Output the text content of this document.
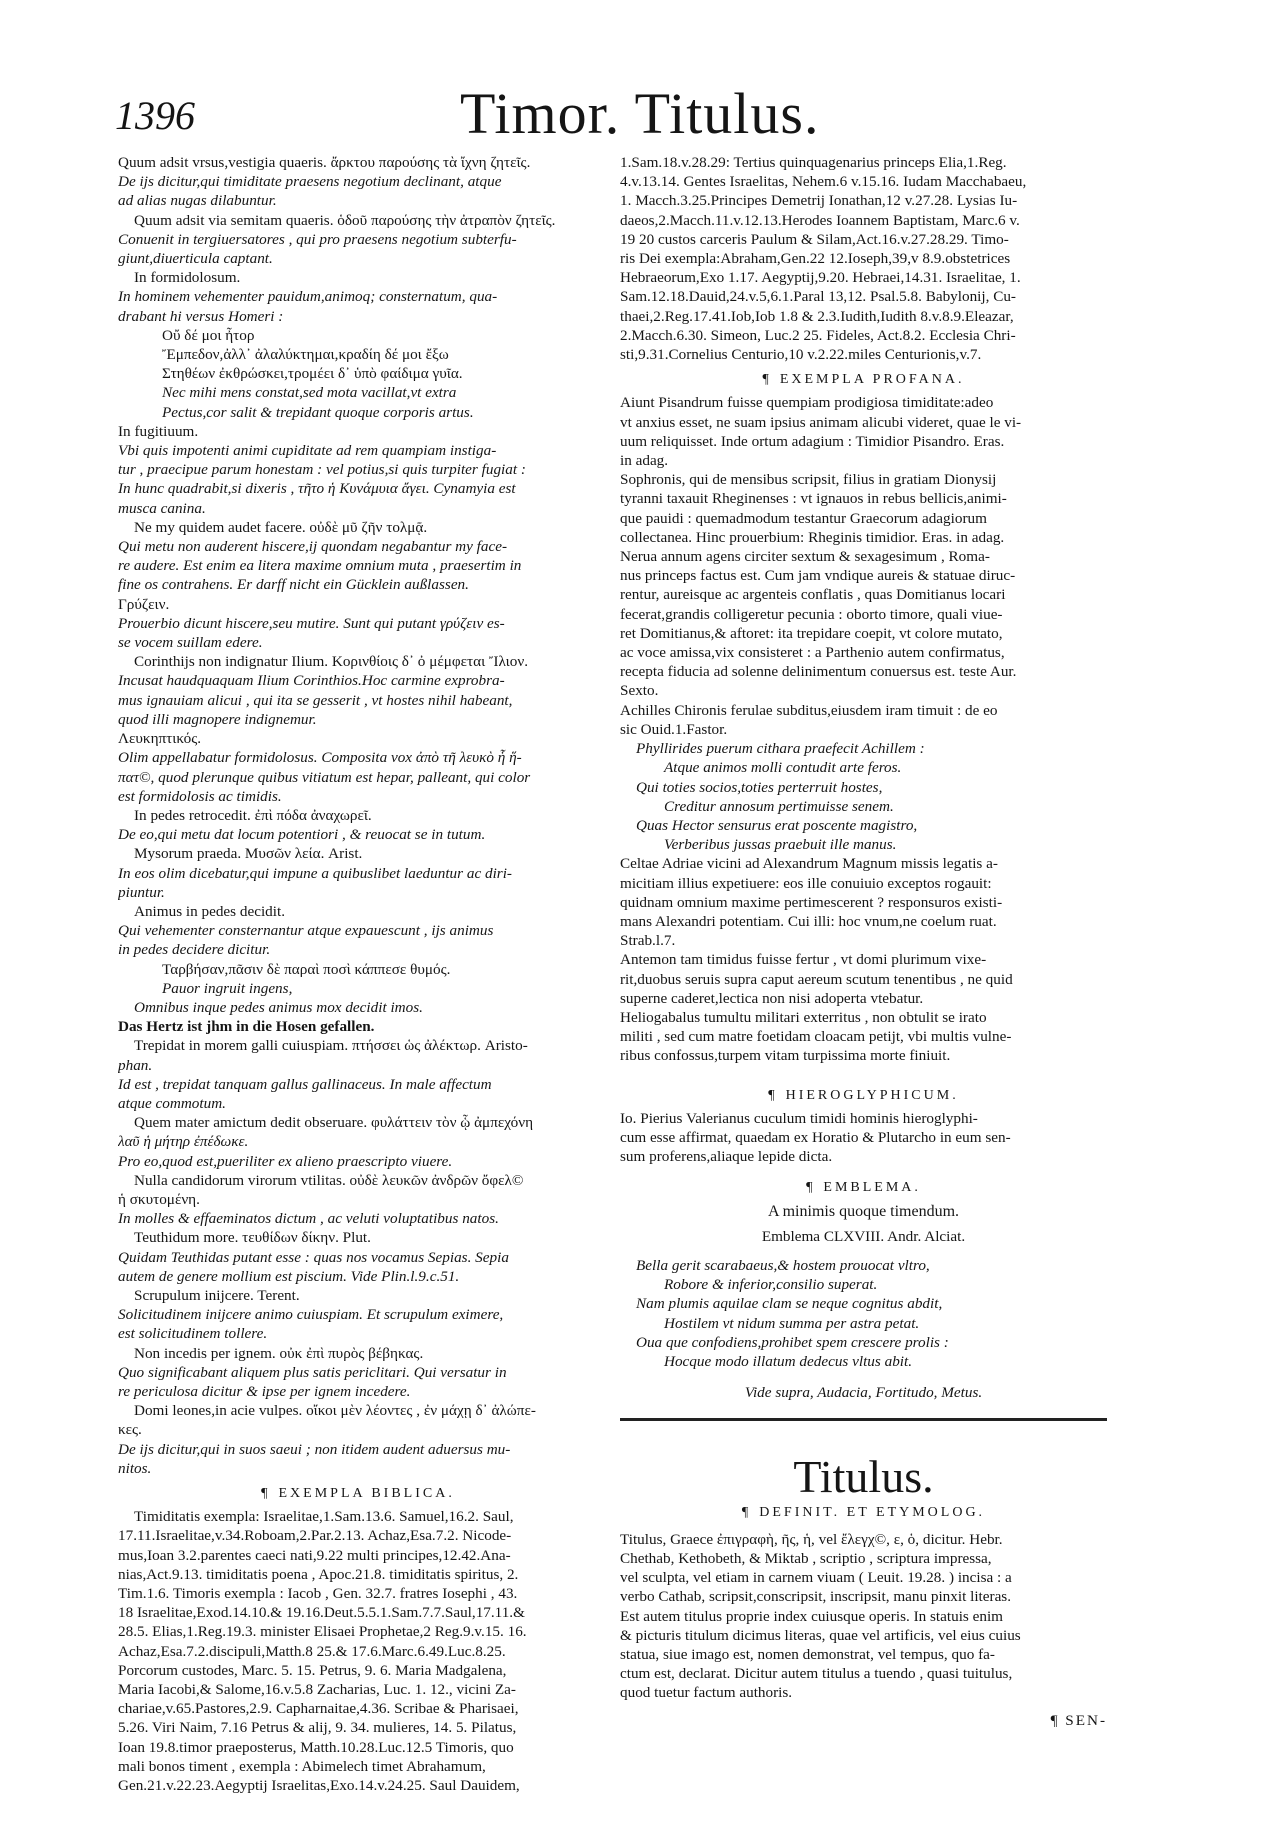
1396	Timor. Titulus.
Quum adsit vrsus,vestigia quaeris. ἄρκτου παρούσης τὰ ἴχνη ζητεῖς.
De ijs dicitur,qui timiditate praesens negotium declinant, atque
ad alias nugas dilabuntur.
Quum adsit via semitam quaeris. ὁδοῦ παρούσης τὴν ἀτραπὸν ζητεῖς.
Conuenit in tergiuersatores , qui pro praesens negotium subterfu-
giunt,diuerticula captant.
In formidolosum.
In hominem vehementer pauidum,animoq; consternatum, qua-
drabant hi versus Homeri :
Οὔ δέ μοι ἦτορ
Ἔμπεδον,ἀλλ᾽ ἀλαλύκτημαι,κραδίη δέ μοι ἔξω
Στηθέων ἐκθρώσκει,τρομέει δ᾽ ὑπὸ φαίδιμα γυῖα.
Nec mihi mens constat,sed mota vacillat,vt extra
Pectus,cor salit & trepidant quoque corporis artus.
In fugitiuum.
Vbi quis impotenti animi cupiditate ad rem quampiam instiga-
tur , praecipue parum honestam : vel potius,si quis turpiter fugiat :
In hunc quadrabit,si dixeris , τῆτο ἡ Κυνάμυια ἄγει. Cynamyia est
musca canina.
Ne my quidem audet facere. οὐδὲ μῦ ζῆν τολμᾷ.
Qui metu non auderent hiscere,ij quondam negabantur my face-
re audere. Est enim ea litera maxime omnium muta , praesertim in
fine os contrahens. Er darff nicht ein Gücklein außlassen.
Γρύζειν.
Prouerbio dicunt hiscere,seu mutire. Sunt qui putant γρύζειν es-
se vocem suillam edere.
Corinthijs non indignatur Ilium. Κορινθίοις δ᾽ ὀ μέμφεται Ἴλιον.
Incusat haudquaquam Ilium Corinthios.Hoc carmine exprobra-
mus ignauiam alicui , qui ita se gesserit , vt hostes nihil habeant,
quod illi magnopere indignemur.
Λευκηπτικός.
Olim appellabatur formidolosus. Composita vox ἀπὸ τῆ λευκὸ ἧ ἥ-
πατ©, quod plerunque quibus vitiatum est hepar, palleant, qui color
est formidolosis ac timidis.
In pedes retrocedit. ἐπὶ πόδα ἀναχωρεῖ.
De eo,qui metu dat locum potentiori , & reuocat se in tutum.
Mysorum praeda. Μυσῶν λεία. Arist.
In eos olim dicebatur,qui impune a quibuslibet laeduntur ac diri-
piuntur.
Animus in pedes decidit.
Qui vehementer consternantur atque expauescunt , ijs animus
in pedes decidere dicitur.
Ταρβήσαν,πᾶσιν δὲ παραὶ ποσὶ κάππεσε θυμός.
Pauor ingruit ingens,
Omnibus inque pedes animus mox decidit imos.
Das Hertz ist jhm in die Hosen gefallen.
Trepidat in morem galli cuiuspiam. πτήσσει ὡς ἀλέκτωρ. Aristo-
phan.
Id est , trepidat tanquam gallus gallinaceus. In male affectum
atque commotum.
Quem mater amictum dedit obseruare. φυλάττειν τὸν ᾧ ἀμπεχόνη
λαῦ ἡ μήτηρ ἐπέδωκε.
Pro eo,quod est,pueriliter ex alieno praescripto viuere.
Nulla candidorum virorum vtilitas. οὐδὲ λευκῶν ἀνδρῶν ὄφελ©
ἡ σκυτομένη.
In molles & effaeminatos dictum , ac veluti voluptatibus natos.
Teuthidum more. τευθίδων δίκην. Plut.
Quidam Teuthidas putant esse : quas nos vocamus Sepias. Sepia
autem de genere mollium est piscium. Vide Plin.l.9.c.51.
Scrupulum inijcere. Terent.
Solicitudinem inijcere animo cuiuspiam. Et scrupulum eximere,
est solicitudinem tollere.
Non incedis per ignem. οὐκ ἐπὶ πυρὸς βέβηκας.
Quo significabant aliquem plus satis periclitari. Qui versatur in
re periculosa dicitur & ipse per ignem incedere.
Domi leones,in acie vulpes. οἴκοι μὲν λέοντες , ἐν μάχῃ δ᾽ ἀλώπε-
κες.
De ijs dicitur,qui in suos saeui ; non itidem audent aduersus mu-
nitos.
¶ EXEMPLA BIBLICA.
Timiditatis exempla: Israelitae,1.Sam.13.6. Samuel,16.2. Saul,
17.11.Israelitae,v.34.Roboam,2.Par.2.13. Achaz,Esa.7.2. Nicode-
mus,Ioan 3.2.parentes caeci nati,9.22 multi principes,12.42.Ana-
nias,Act.9.13. timiditatis poena , Apoc.21.8. timiditatis spiritus, 2.
Tim.1.6. Timoris exempla : Iacob , Gen. 32.7. fratres Iosephi , 43.
18 Israelitae,Exod.14.10.& 19.16.Deut.5.5.1.Sam.7.7.Saul,17.11.&
28.5. Elias,1.Reg.19.3. minister Elisaei Prophetae,2 Reg.9.v.15. 16.
Achaz,Esa.7.2.discipuli,Matth.8 25.& 17.6.Marc.6.49.Luc.8.25.
Porcorum custodes, Marc. 5. 15. Petrus, 9. 6. Maria Madgalena,
Maria Iacobi,& Salome,16.v.5.8 Zacharias, Luc. 1. 12., vicini Za-
chariae,v.65.Pastores,2.9. Capharnaitae,4.36. Scribae & Pharisaei,
5.26. Viri Naim, 7.16 Petrus & alij, 9. 34. mulieres, 14. 5. Pilatus,
Ioan 19.8.timor praeposterus, Matth.10.28.Luc.12.5 Timoris, quo
mali bonos timent , exempla : Abimelech timet Abrahamum,
Gen.21.v.22.23.Aegyptij Israelitas,Exo.14.v.24.25. Saul Dauidem,
1.Sam.18.v.28.29: Tertius quinquagenarius princeps Elia,1.Reg.
4.v.13.14. Gentes Israelitas, Nehem.6 v.15.16. Iudam Macchabaeu,
1. Macch.3.25.Principes Demetrij Ionathan,12 v.27.28. Lysias Iu-
daeos,2.Macch.11.v.12.13.Herodes Ioannem Baptistam, Marc.6 v.
19 20 custos carceris Paulum & Silam,Act.16.v.27.28.29. Timo-
ris Dei exempla:Abraham,Gen.22 12.Ioseph,39,v 8.9.obstetrices
Hebraeorum,Exo 1.17. Aegyptij,9.20. Hebraei,14.31. Israelitae, 1.
Sam.12.18.Dauid,24.v.5,6.1.Paral 13,12. Psal.5.8. Babylonij, Cu-
thaei,2.Reg.17.41.Iob,Iob 1.8 & 2.3.Iudith,Iudith 8.v.8.9.Eleazar,
2.Macch.6.30. Simeon, Luc.2 25. Fideles, Act.8.2. Ecclesia Chri-
sti,9.31.Cornelius Centurio,10 v.2.22.miles Centurionis,v.7.
¶ EXEMPLA PROFANA.
Aiunt Pisandrum fuisse quempiam prodigiosa timiditate:adeo
vt anxius esset, ne suam ipsius animam alicubi videret, quae le vi-
uum reliquisset. Inde ortum adagium : Timidior Pisandro. Eras.
in adag.
Sophronis, qui de mensibus scripsit, filius in gratiam Dionysij
tyranni taxauit Rheginenses : vt ignauos in rebus bellicis,animi-
que pauidi : quemadmodum testantur Graecorum adagiorum
collectanea. Hinc prouerbium: Rheginis timidior. Eras. in adag.
Nerua annum agens circiter sextum & sexagesimum , Roma-
nus princeps factus est. Cum jam vndique aureis & statuae diruc-
rentur, aureisque ac argenteis conflatis , quas Domitianus locari
fecerat,grandis colligeretur pecunia : oborto timore, quali viue-
ret Domitianus,& aftoret: ita trepidare coepit, vt colore mutato,
ac voce amissa,vix consisteret : a Parthenio autem confirmatus,
recepta fiducia ad solenne delinimentum conuersus est. teste Aur.
Sexto.
Achilles Chironis ferulae subditus,eiusdem iram timuit : de eo
sic Ouid.1.Fastor.
Phyllirides puerum cithara praefecit Achillem :
Atque animos molli contudit arte feros.
Qui toties socios,toties perterruit hostes,
Creditur annosum pertimuisse senem.
Quas Hector sensurus erat poscente magistro,
Verberibus jussas praebuit ille manus.
Celtae Adriae vicini ad Alexandrum Magnum missis legatis a-
micitiam illius expetiuere: eos ille conuiuio exceptos rogauit:
quidnam omnium maxime pertimescerent ? responsuros existi-
mans Alexandri potentiam. Cui illi: hoc vnum,ne coelum ruat.
Strab.l.7.
Antemon tam timidus fuisse fertur , vt domi plurimum vixe-
rit,duobus seruis supra caput aereum scutum tenentibus , ne quid
superne caderet,lectica non nisi adoperta vtebatur.
Heliogabalus tumultu militari exterritus , non obtulit se irato
militi , sed cum matre foetidam cloacam petijt, vbi multis vulne-
ribus confossus,turpem vitam turpissima morte finiuit.
¶ HIEROGLYPHICUM.
Io. Pierius Valerianus cuculum timidi hominis hieroglyphi-
cum esse affirmat, quaedam ex Horatio & Plutarcho in eum sen-
sum proferens,aliaque lepide dicta.
¶ EMBLEMA.
A minimis quoque timendum.
Emblema CLXVIII. Andr. Alciat.
Bella gerit scarabaeus,& hostem prouocat vltro,
Robore & inferior,consilio superat.
Nam plumis aquilae clam se neque cognitus abdit,
Hostilem vt nidum summa per astra petat.
Oua que confodiens,prohibet spem crescere prolis :
Hocque modo illatum dedecus vltus abit.
Vide supra, Audacia, Fortitudo, Metus.
Titulus.
¶ DEFINIT. ET ETYMOLOG.
Titulus, Graece ἐπιγραφὴ, ῆς, ἡ, vel ἔλεγχ©, ε, ὁ, dicitur. Hebr.
Chethab, Kethobeth, & Miktab , scriptio , scriptura impressa,
vel sculpta, vel etiam in carnem viuam ( Leuit. 19.28. ) incisa : a
verbo Cathab, scripsit,conscripsit, inscripsit, manu pinxit literas.
Est autem titulus proprie index cuiusque operis. In statuis enim
& picturis titulum dicimus literas, quae vel artificis, vel eius cuius
statua, siue imago est, nomen demonstrat, vel tempus, quo fa-
ctum est, declarat. Dicitur autem titulus a tuendo , quasi tuitulus,
quod tuetur factum authoris.
¶ SEN-
